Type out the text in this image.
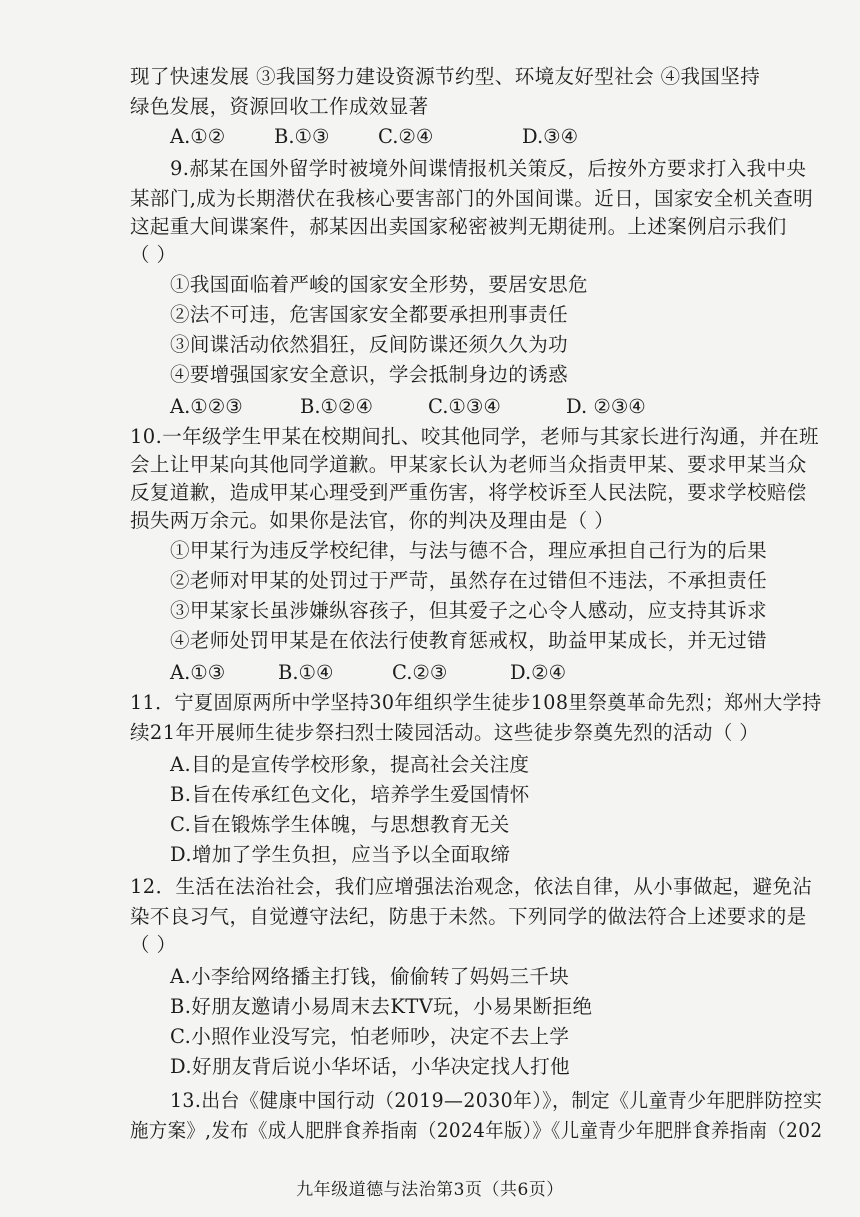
现了快速发展 ③我国努力建设资源节约型、环境友好型社会 ④我国坚持
绿色发展，资源回收工作成效显著
A.①②	B.①③ C.②④	D.③④
9.郝某在国外留学时被境外间谍情报机关策反，后按外方要求打入我中央
某部门,成为长期潜伏在我核心要害部门的外国间谍。近日，国家安全机关查明
这起重大间谍案件，郝某因出卖国家秘密被判无期徒刑。上述案例启示我们
（ ）
①我国面临着严峻的国家安全形势，要居安思危
②法不可违，危害国家安全都要承担刑事责任
③间谍活动依然猖狂，反间防谍还须久久为功
④要增强国家安全意识，学会抵制身边的诱惑
A.①②③	B.①②④	C.①③④	D. ②③④
10.一年级学生甲某在校期间扎、咬其他同学，老师与其家长进行沟通，并在班
会上让甲某向其他同学道歉。甲某家长认为老师当众指责甲某、要求甲某当众
反复道歉，造成甲某心理受到严重伤害，将学校诉至人民法院，要求学校赔偿
损失两万余元。如果你是法官，你的判决及理由是（ ）
①甲某行为违反学校纪律，与法与德不合，理应承担自己行为的后果
②老师对甲某的处罚过于严苛，虽然存在过错但不违法，不承担责任
③甲某家长虽涉嫌纵容孩子，但其爱子之心令人感动，应支持其诉求
④老师处罚甲某是在依法行使教育惩戒权，助益甲某成长，并无过错
A.①③	B.①④	C.②③	D.②④
11．宁夏固原两所中学坚持30年组织学生徒步108里祭奠革命先烈；郑州大学持
续21年开展师生徒步祭扫烈士陵园活动。这些徒步祭奠先烈的活动（ ）
A.目的是宣传学校形象，提高社会关注度
B.旨在传承红色文化，培养学生爱国情怀
C.旨在锻炼学生体魄，与思想教育无关
D.增加了学生负担，应当予以全面取缔
12．生活在法治社会，我们应增强法治观念，依法自律，从小事做起，避免沾
染不良习气，自觉遵守法纪，防患于未然。下列同学的做法符合上述要求的是
（ ）
A.小李给网络播主打钱，偷偷转了妈妈三千块
B.好朋友邀请小易周末去KTV玩，小易果断拒绝
C.小照作业没写完，怕老师吵，决定不去上学
D.好朋友背后说小华坏话，小华决定找人打他
13.出台《健康中国行动（2019—2030年）》，制定《儿童青少年肥胖防控实
施方案》,发布《成人肥胖食养指南（2024年版）》《儿童青少年肥胖食养指南（202
九年级道德与法治第3页（共6页）
